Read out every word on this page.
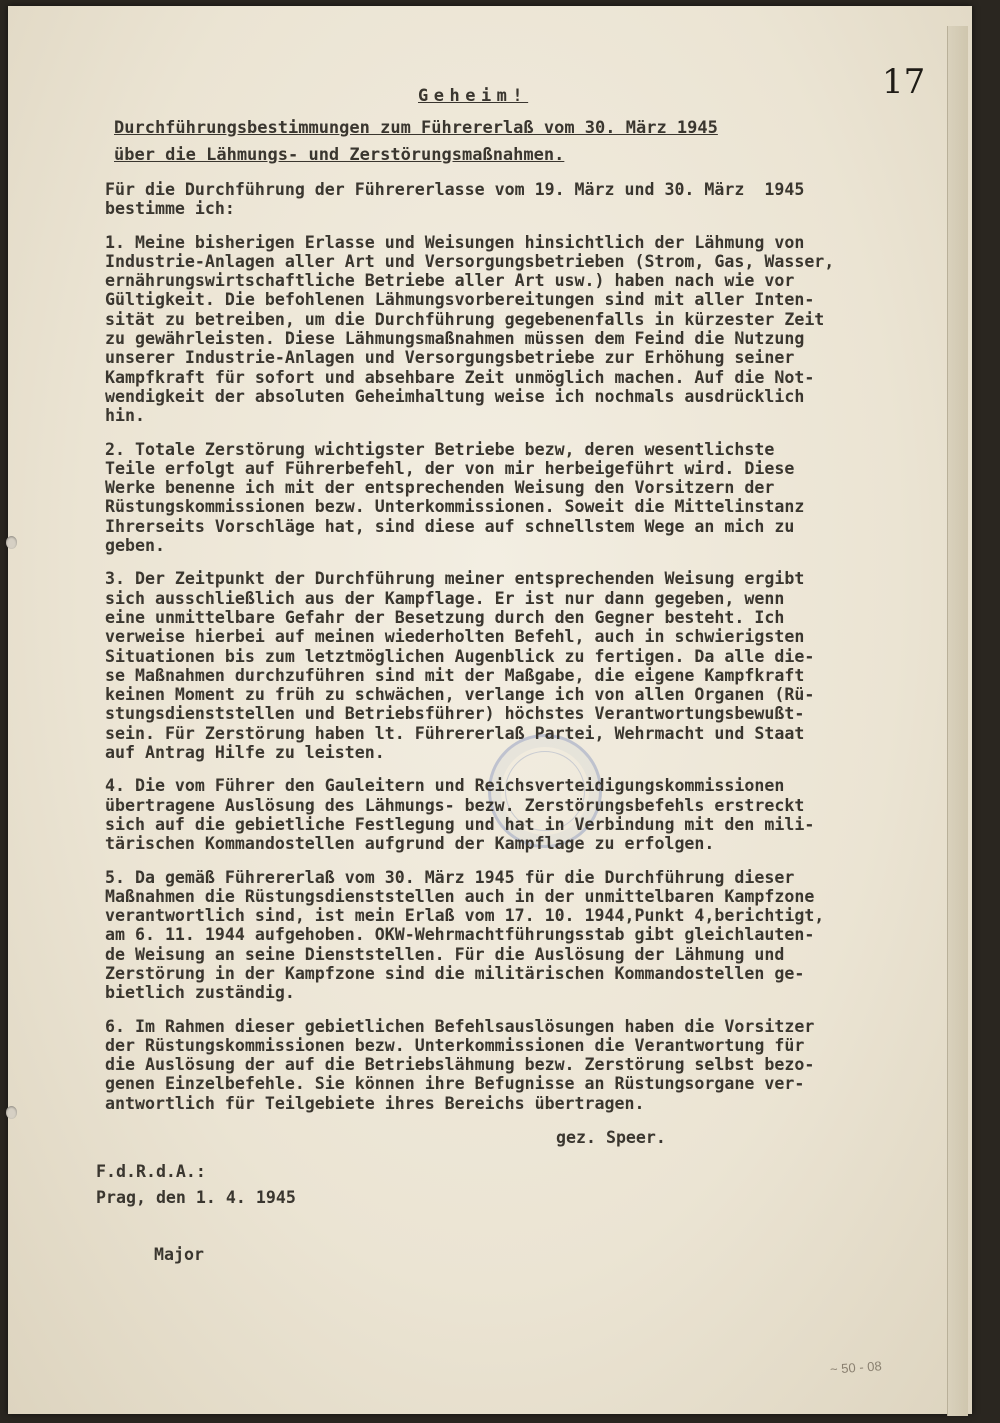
17
Geheim!
Durchführungsbestimmungen zum Führererlaß vom 30. März 1945
über die Lähmungs- und Zerstörungsmaßnahmen.

Für die Durchführung der Führererlasse vom 19. März und 30. März  1945
bestimme ich:

1. Meine bisherigen Erlasse und Weisungen hinsichtlich der Lähmung von
Industrie-Anlagen aller Art und Versorgungsbetrieben (Strom, Gas, Wasser,
ernährungswirtschaftliche Betriebe aller Art usw.) haben nach wie vor
Gültigkeit. Die befohlenen Lähmungsvorbereitungen sind mit aller Inten-
sität zu betreiben, um die Durchführung gegebenenfalls in kürzester Zeit
zu gewährleisten. Diese Lähmungsmaßnahmen müssen dem Feind die Nutzung
unserer Industrie-Anlagen und Versorgungsbetriebe zur Erhöhung seiner
Kampfkraft für sofort und absehbare Zeit unmöglich machen. Auf die Not-
wendigkeit der absoluten Geheimhaltung weise ich nochmals ausdrücklich
hin.

2. Totale Zerstörung wichtigster Betriebe bezw, deren wesentlichste
Teile erfolgt auf Führerbefehl, der von mir herbeigeführt wird. Diese
Werke benenne ich mit der entsprechenden Weisung den Vorsitzern der
Rüstungskommissionen bezw. Unterkommissionen. Soweit die Mittelinstanz
Ihrerseits Vorschläge hat, sind diese auf schnellstem Wege an mich zu
geben.

3. Der Zeitpunkt der Durchführung meiner entsprechenden Weisung ergibt
sich ausschließlich aus der Kampflage. Er ist nur dann gegeben, wenn
eine unmittelbare Gefahr der Besetzung durch den Gegner besteht. Ich
verweise hierbei auf meinen wiederholten Befehl, auch in schwierigsten
Situationen bis zum letztmöglichen Augenblick zu fertigen. Da alle die-
se Maßnahmen durchzuführen sind mit der Maßgabe, die eigene Kampfkraft
keinen Moment zu früh zu schwächen, verlange ich von allen Organen (Rü-
stungsdienststellen und Betriebsführer) höchstes Verantwortungsbewußt-
sein. Für Zerstörung haben lt. Führererlaß Partei, Wehrmacht und Staat
auf Antrag Hilfe zu leisten.

4. Die vom Führer den Gauleitern und Reichsverteidigungskommissionen
übertragene Auslösung des Lähmungs- bezw. Zerstörungsbefehls erstreckt
sich auf die gebietliche Festlegung und hat in Verbindung mit den mili-
tärischen Kommandostellen aufgrund der Kampflage zu erfolgen.

5. Da gemäß Führererlaß vom 30. März 1945 für die Durchführung dieser
Maßnahmen die Rüstungsdienststellen auch in der unmittelbaren Kampfzone
verantwortlich sind, ist mein Erlaß vom 17. 10. 1944,Punkt 4,berichtigt,
am 6. 11. 1944 aufgehoben. OKW-Wehrmachtführungsstab gibt gleichlauten-
de Weisung an seine Dienststellen. Für die Auslösung der Lähmung und
Zerstörung in der Kampfzone sind die militärischen Kommandostellen ge-
bietlich zuständig.

6. Im Rahmen dieser gebietlichen Befehlsauslösungen haben die Vorsitzer
der Rüstungskommissionen bezw. Unterkommissionen die Verantwortung für
die Auslösung der auf die Betriebslähmung bezw. Zerstörung selbst bezo-
genen Einzelbefehle. Sie können ihre Befugnisse an Rüstungsorgane ver-
antwortlich für Teilgebiete ihres Bereichs übertragen.

gez. Speer.
F.d.R.d.A.:
Prag, den 1. 4. 1945
Major
~ 50 - 08
